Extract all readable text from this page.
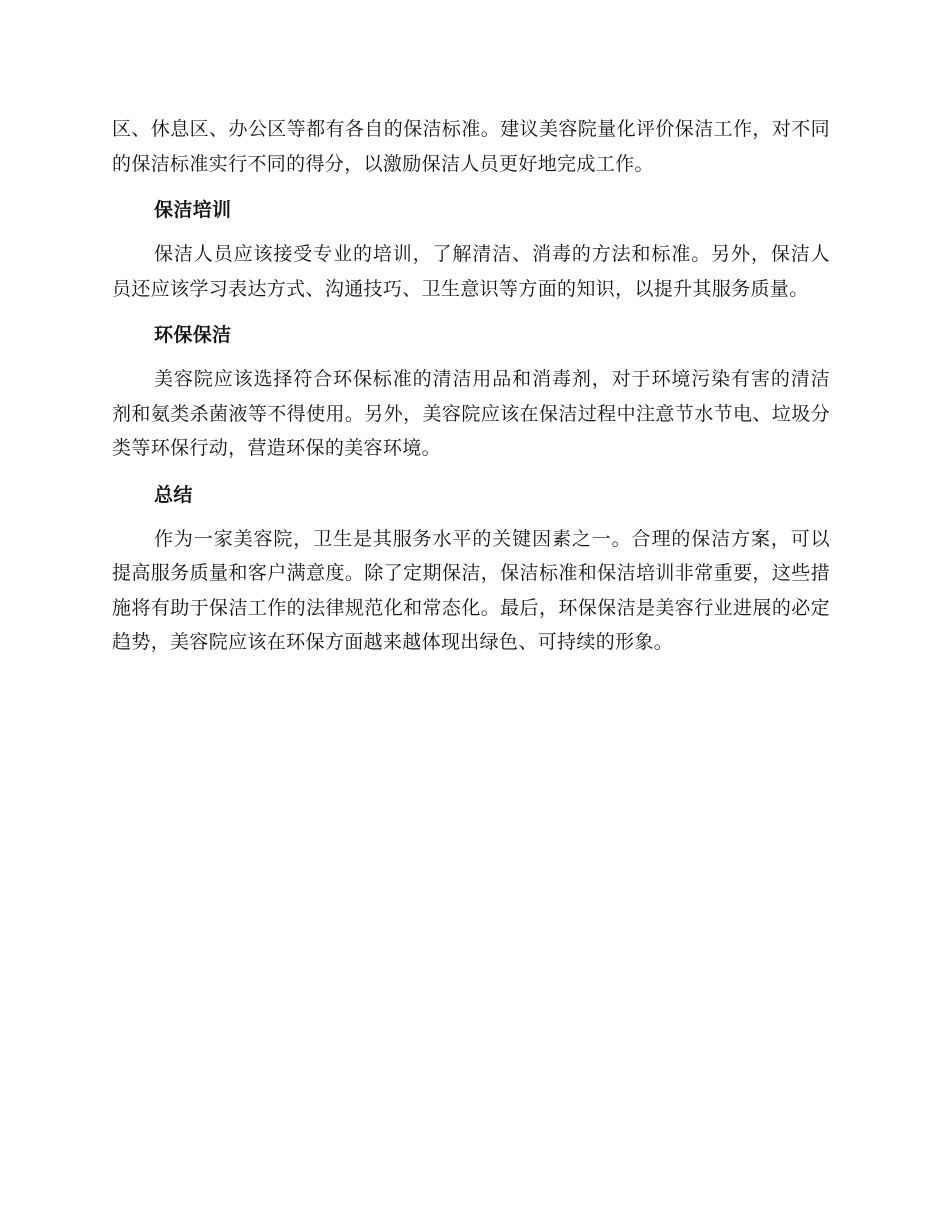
区、休息区、办公区等都有各自的保洁标准。建议美容院量化评价保洁工作，对不同的保洁标准实行不同的得分，以激励保洁人员更好地完成工作。

保洁培训

保洁人员应该接受专业的培训，了解清洁、消毒的方法和标准。另外，保洁人员还应该学习表达方式、沟通技巧、卫生意识等方面的知识，以提升其服务质量。

环保保洁

美容院应该选择符合环保标准的清洁用品和消毒剂，对于环境污染有害的清洁剂和氨类杀菌液等不得使用。另外，美容院应该在保洁过程中注意节水节电、垃圾分类等环保行动，营造环保的美容环境。

总结

作为一家美容院，卫生是其服务水平的关键因素之一。合理的保洁方案，可以提高服务质量和客户满意度。除了定期保洁，保洁标准和保洁培训非常重要，这些措施将有助于保洁工作的法律规范化和常态化。最后，环保保洁是美容行业进展的必定趋势，美容院应该在环保方面越来越体现出绿色、可持续的形象。
